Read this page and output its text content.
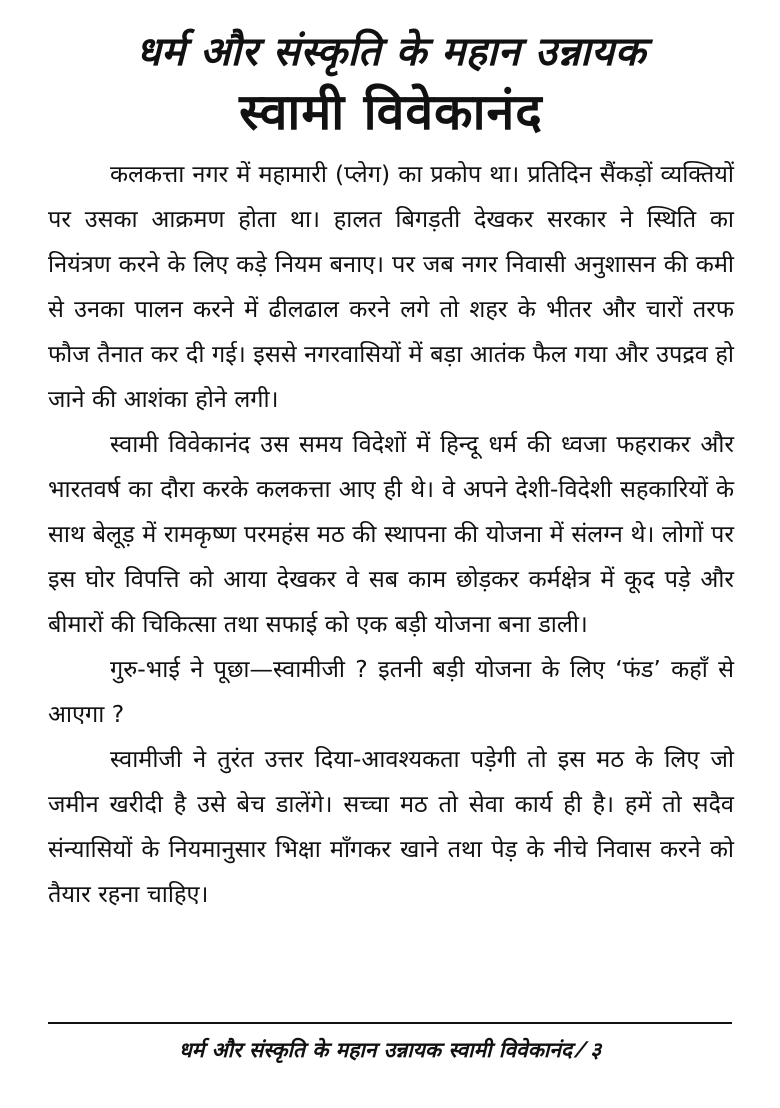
धर्म और संस्कृति के महान उन्नायक
स्वामी विवेकानंद

कलकत्ता नगर में महामारी (प्लेग) का प्रकोप था। प्रतिदिन सैंकड़ों व्यक्तियों पर उसका आक्रमण होता था। हालत बिगड़ती देखकर सरकार ने स्थिति का नियंत्रण करने के लिए कड़े नियम बनाए। पर जब नगर निवासी अनुशासन की कमी से उनका पालन करने में ढीलढाल करने लगे तो शहर के भीतर और चारों तरफ फौज तैनात कर दी गई। इससे नगरवासियों में बड़ा आतंक फैल गया और उपद्रव हो जाने की आशंका होने लगी।

स्वामी विवेकानंद उस समय विदेशों में हिन्दू धर्म की ध्वजा फहराकर और भारतवर्ष का दौरा करके कलकत्ता आए ही थे। वे अपने देशी-विदेशी सहकारियों के साथ बेलूड़ में रामकृष्ण परमहंस मठ की स्थापना की योजना में संलग्न थे। लोगों पर इस घोर विपत्ति को आया देखकर वे सब काम छोड़कर कर्मक्षेत्र में कूद पड़े और बीमारों की चिकित्सा तथा सफाई को एक बड़ी योजना बना डाली।

गुरु-भाई ने पूछा—स्वामीजी ? इतनी बड़ी योजना के लिए ‘फंड’ कहाँ से आएगा ?

स्वामीजी ने तुरंत उत्तर दिया-आवश्यकता पड़ेगी तो इस मठ के लिए जो जमीन खरीदी है उसे बेच डालेंगे। सच्चा मठ तो सेवा कार्य ही है। हमें तो सदैव संन्यासियों के नियमानुसार भिक्षा माँगकर खाने तथा पेड़ के नीचे निवास करने को तैयार रहना चाहिए।

धर्म और संस्कृति के महान उन्नायक स्वामी विवेकानंद ⁄ ३
